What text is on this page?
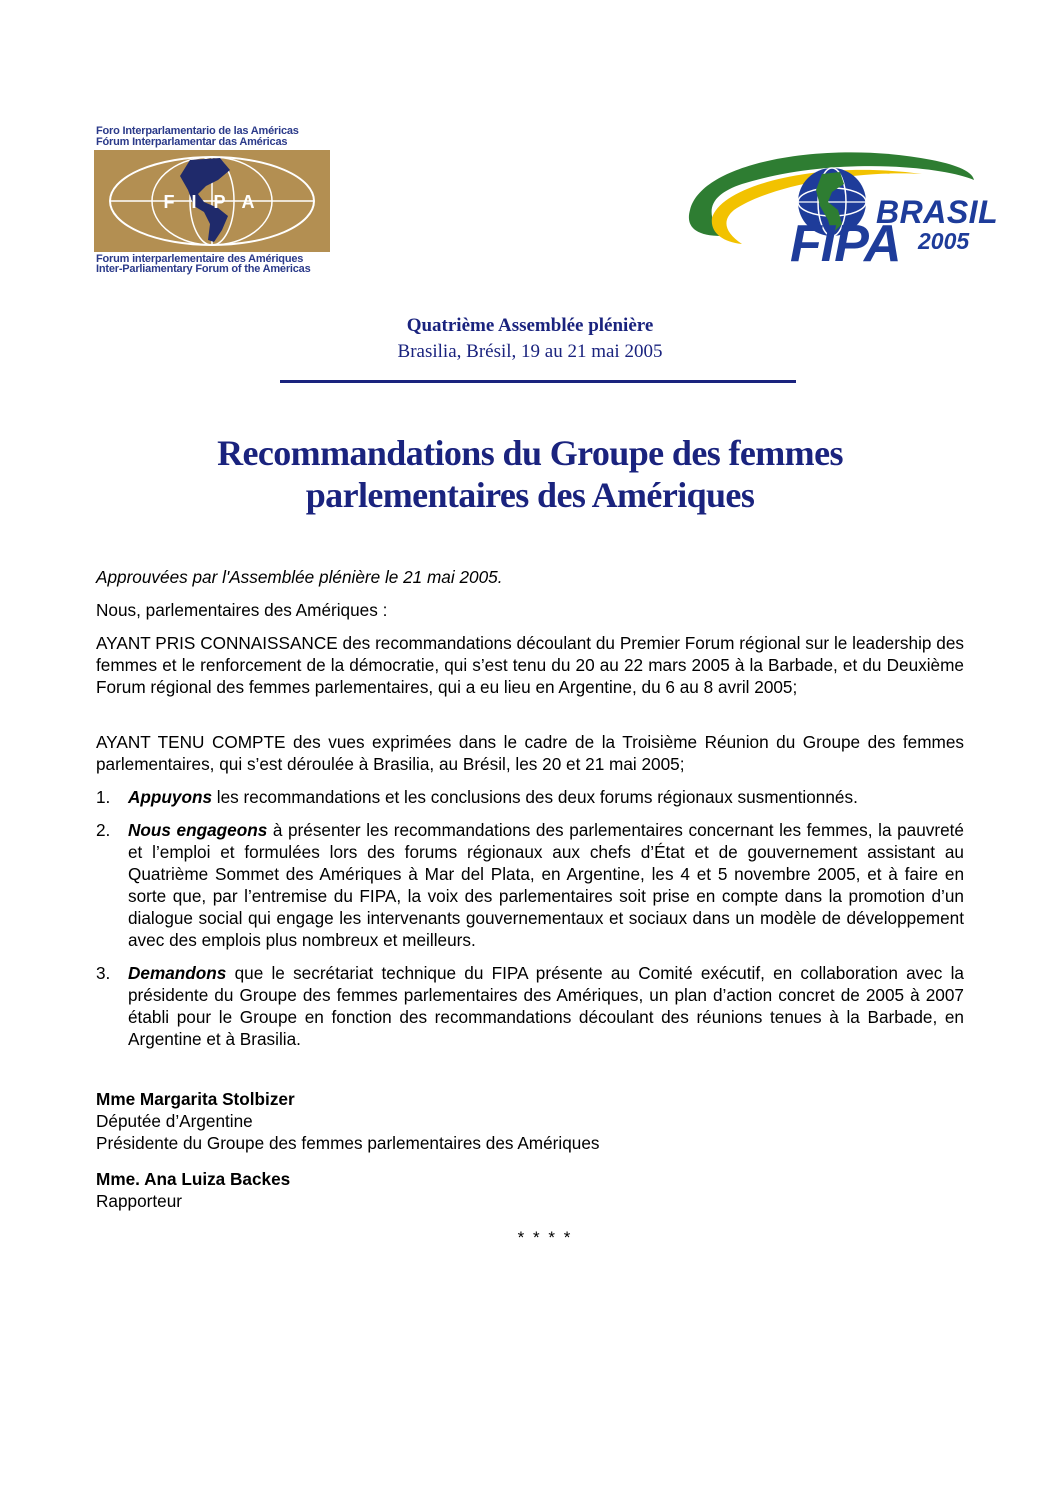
Foro Interparlamentario de las Américas
Fórum Interparlamentar das Américas
F I P A
Forum interparlementaire des Amériques
Inter-Parliamentary Forum of the Americas
BRASIL
FIPA 2005
Quatrième Assemblée plénière
Brasilia, Brésil, 19 au 21 mai 2005
Recommandations du Groupe des femmes
parlementaires des Amériques
Approuvées par l'Assemblée plénière le 21 mai 2005.
Nous, parlementaires des Amériques :
AYANT PRIS CONNAISSANCE des recommandations découlant du Premier Forum régional sur le leadership des femmes et le renforcement de la démocratie, qui s’est tenu du 20 au 22 mars 2005 à la Barbade, et du Deuxième Forum régional des femmes parlementaires, qui a eu lieu en Argentine, du 6 au 8 avril 2005;
AYANT TENU COMPTE des vues exprimées dans le cadre de la Troisième Réunion du Groupe des femmes parlementaires, qui s’est déroulée à Brasilia, au Brésil, les 20 et 21 mai 2005;
1.	Appuyons les recommandations et les conclusions des deux forums régionaux susmentionnés.
2.	Nous engageons à présenter les recommandations des parlementaires concernant les femmes, la pauvreté et l’emploi et formulées lors des forums régionaux aux chefs d’État et de gouvernement assistant au Quatrième Sommet des Amériques à Mar del Plata, en Argentine, les 4 et 5 novembre 2005, et à faire en sorte que, par l’entremise du FIPA, la voix des parlementaires soit prise en compte dans la promotion d’un dialogue social qui engage les intervenants gouvernementaux et sociaux dans un modèle de développement avec des emplois plus nombreux et meilleurs.
3.	Demandons que le secrétariat technique du FIPA présente au Comité exécutif, en collaboration avec la présidente du Groupe des femmes parlementaires des Amériques, un plan d’action concret de 2005 à 2007 établi pour le Groupe en fonction des recommandations découlant des réunions tenues à la Barbade, en Argentine et à Brasilia.
Mme Margarita Stolbizer
Députée d’Argentine
Présidente du Groupe des femmes parlementaires des Amériques
Mme. Ana Luiza Backes
Rapporteur
* * * *
